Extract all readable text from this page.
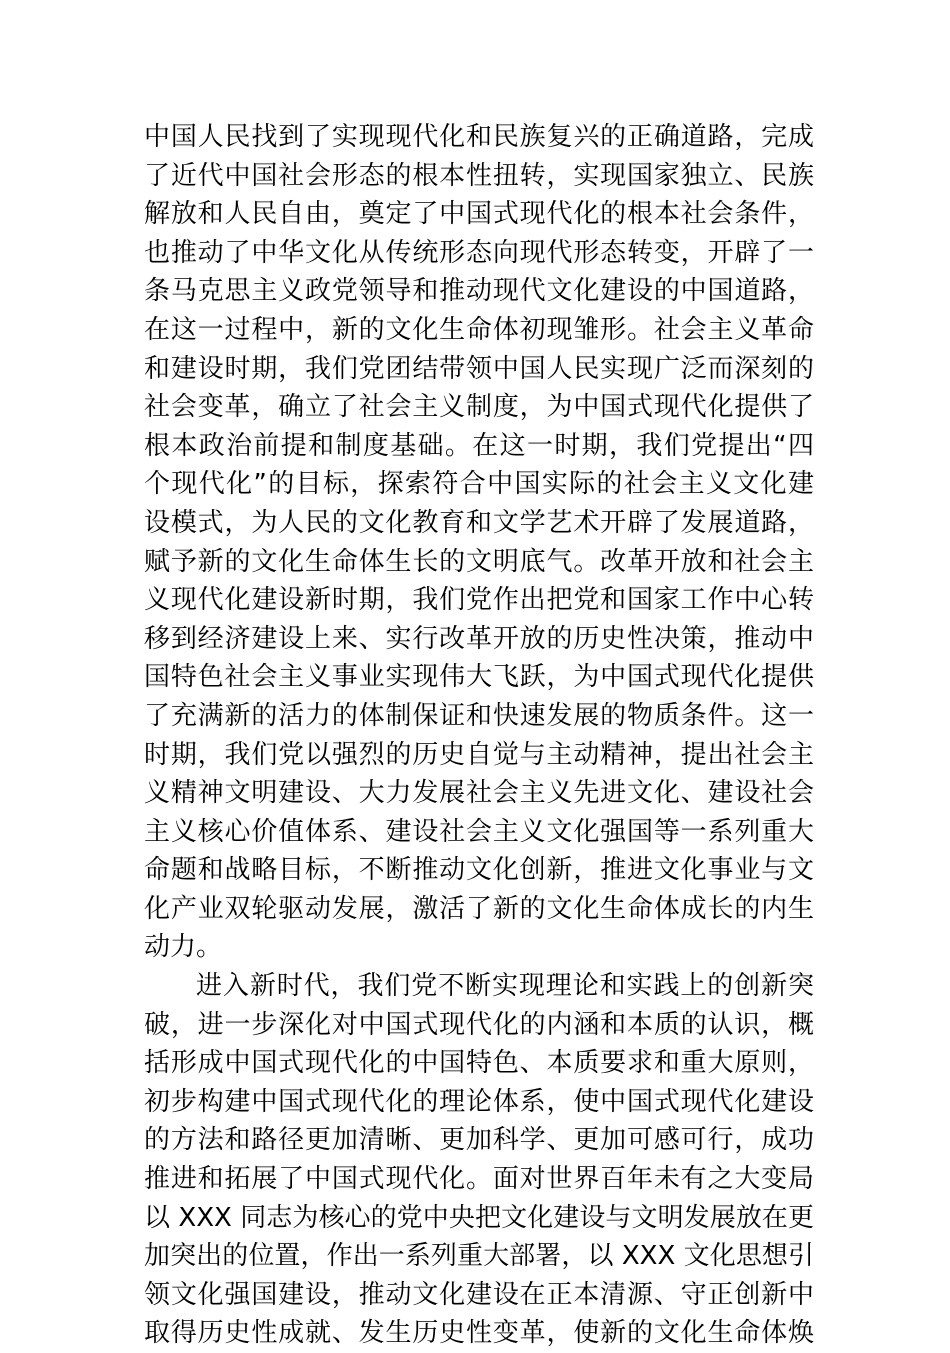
中国人民找到了实现现代化和民族复兴的正确道路，完成
了近代中国社会形态的根本性扭转，实现国家独立、民族
解放和人民自由，奠定了中国式现代化的根本社会条件，
也推动了中华文化从传统形态向现代形态转变，开辟了一
条马克思主义政党领导和推动现代文化建设的中国道路，
在这一过程中，新的文化生命体初现雏形。社会主义革命
和建设时期，我们党团结带领中国人民实现广泛而深刻的
社会变革，确立了社会主义制度，为中国式现代化提供了
根本政治前提和制度基础。在这一时期，我们党提出“四
个现代化”的目标，探索符合中国实际的社会主义文化建
设模式，为人民的文化教育和文学艺术开辟了发展道路，
赋予新的文化生命体生长的文明底气。改革开放和社会主
义现代化建设新时期，我们党作出把党和国家工作中心转
移到经济建设上来、实行改革开放的历史性决策，推动中
国特色社会主义事业实现伟大飞跃，为中国式现代化提供
了充满新的活力的体制保证和快速发展的物质条件。这一
时期，我们党以强烈的历史自觉与主动精神，提出社会主
义精神文明建设、大力发展社会主义先进文化、建设社会
主义核心价值体系、建设社会主义文化强国等一系列重大
命题和战略目标，不断推动文化创新，推进文化事业与文
化产业双轮驱动发展，激活了新的文化生命体成长的内生
动力。
进入新时代，我们党不断实现理论和实践上的创新突
破，进一步深化对中国式现代化的内涵和本质的认识，概
括形成中国式现代化的中国特色、本质要求和重大原则，
初步构建中国式现代化的理论体系，使中国式现代化建设
的方法和路径更加清晰、更加科学、更加可感可行，成功
推进和拓展了中国式现代化。面对世界百年未有之大变局
以 XXX 同志为核心的党中央把文化建设与文明发展放在更
加突出的位置，作出一系列重大部署，以 XXX 文化思想引
领文化强国建设，推动文化建设在正本清源、守正创新中
取得历史性成就、发生历史性变革，使新的文化生命体焕
